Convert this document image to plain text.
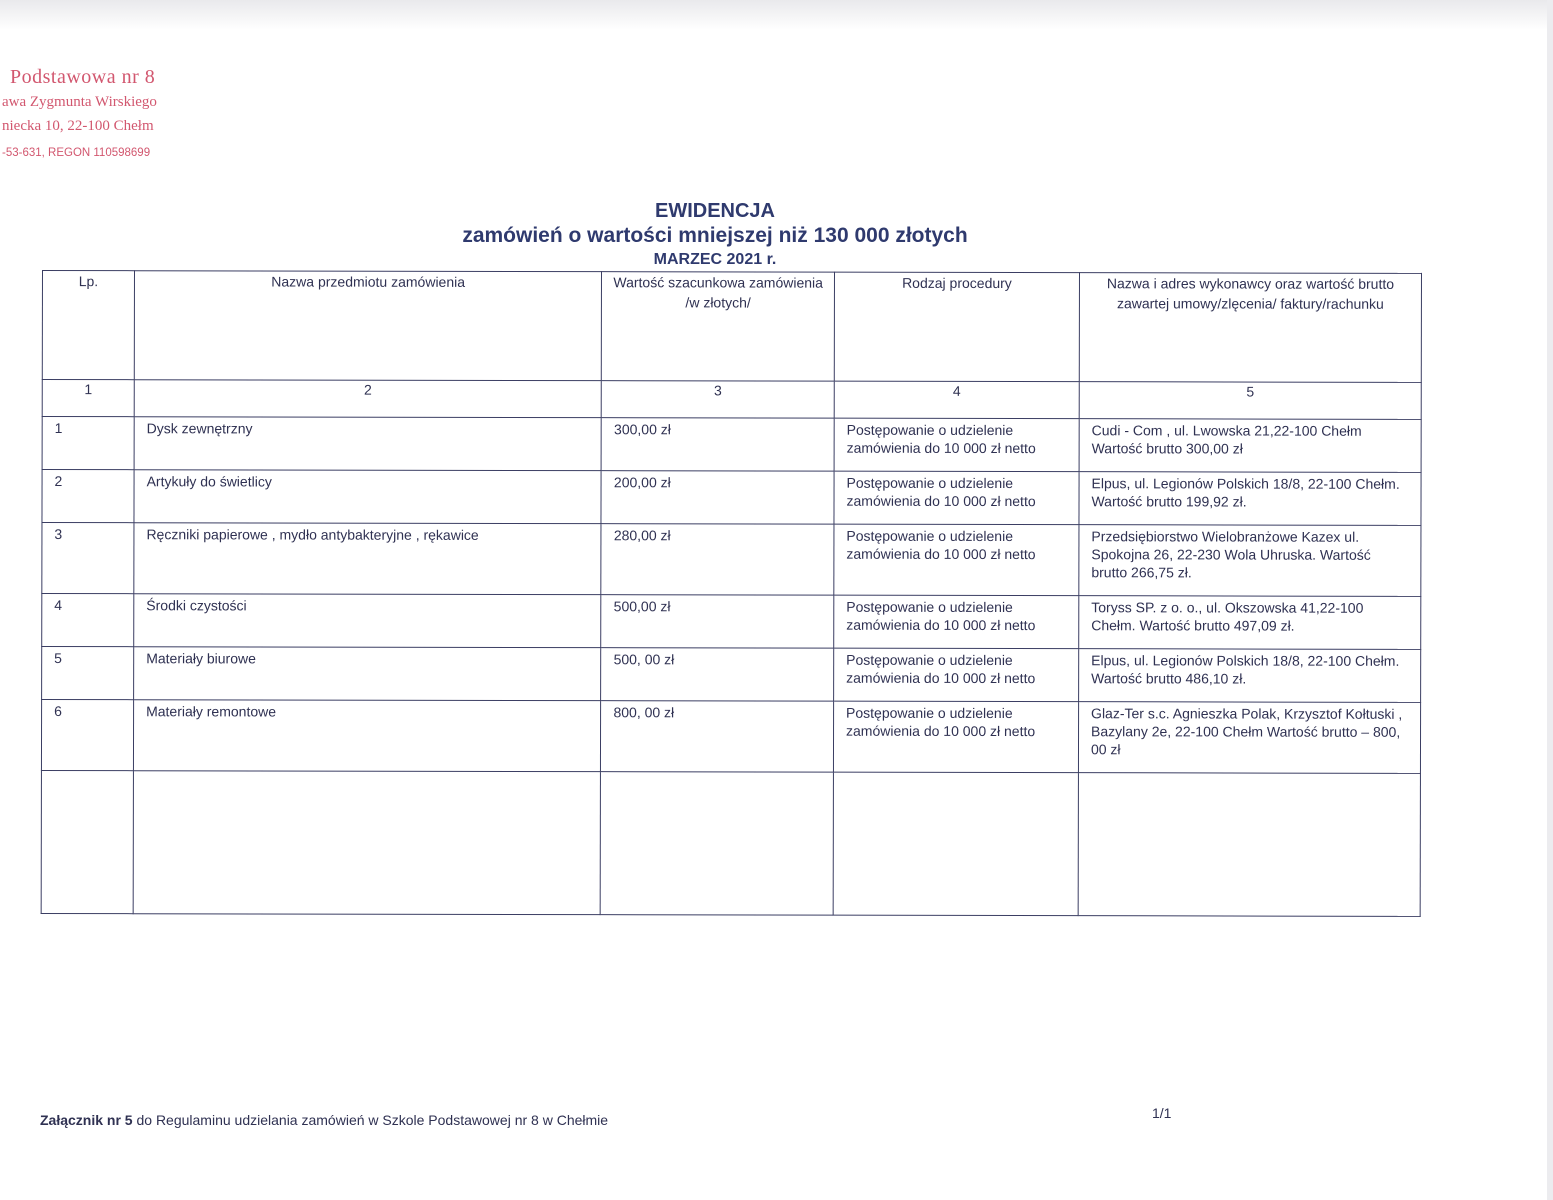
Podstawowa nr 8
awa Zygmunta Wirskiego
niecka 10, 22-100 Chełm
-53-631, REGON 110598699
EWIDENCJA
zamówień o wartości mniejszej niż 130 000 złotych
MARZEC 2021 r.
Lp.	Nazwa przedmiotu zamówienia	Wartość szacunkowa zamówienia /w złotych/	Rodzaj procedury	Nazwa i adres wykonawcy oraz wartość brutto zawartej umowy/zlęcenia/ faktury/rachunku
1	2	3	4	5

1	Dysk zewnętrzny	300,00 zł	Postępowanie o udzielenie zamówienia do 10 000 zł netto	Cudi - Com , ul. Lwowska 21,22-100 Chełm Wartość brutto 300,00 zł

2	Artykuły do świetlicy	200,00 zł	Postępowanie o udzielenie zamówienia do 10 000 zł netto	Elpus, ul. Legionów Polskich 18/8, 22-100 Chełm. Wartość brutto 199,92 zł.

3	Ręczniki papierowe , mydło antybakteryjne , rękawice	280,00 zł	Postępowanie o udzielenie zamówienia do 10 000 zł netto	Przedsiębiorstwo Wielobranżowe Kazex ul. Spokojna 26, 22-230 Wola Uhruska. Wartość brutto 266,75 zł.

4	Środki czystości	500,00 zł	Postępowanie o udzielenie zamówienia do 10 000 zł netto	Toryss SP. z o. o., ul. Okszowska 41,22-100 Chełm. Wartość brutto 497,09 zł.

5	Materiały biurowe	500, 00 zł	Postępowanie o udzielenie zamówienia do 10 000 zł netto	Elpus, ul. Legionów Polskich 18/8, 22-100 Chełm. Wartość brutto 486,10 zł.

6	Materiały remontowe	800, 00 zł	Postępowanie o udzielenie zamówienia do 10 000 zł netto	Glaz-Ter s.c. Agnieszka Polak, Krzysztof Kołtuski , Bazylany 2e, 22-100 Chełm Wartość brutto – 800, 00 zł

Załącznik nr 5 do Regulaminu udzielania zamówień w Szkole Podstawowej nr 8 w Chełmie	1/1
